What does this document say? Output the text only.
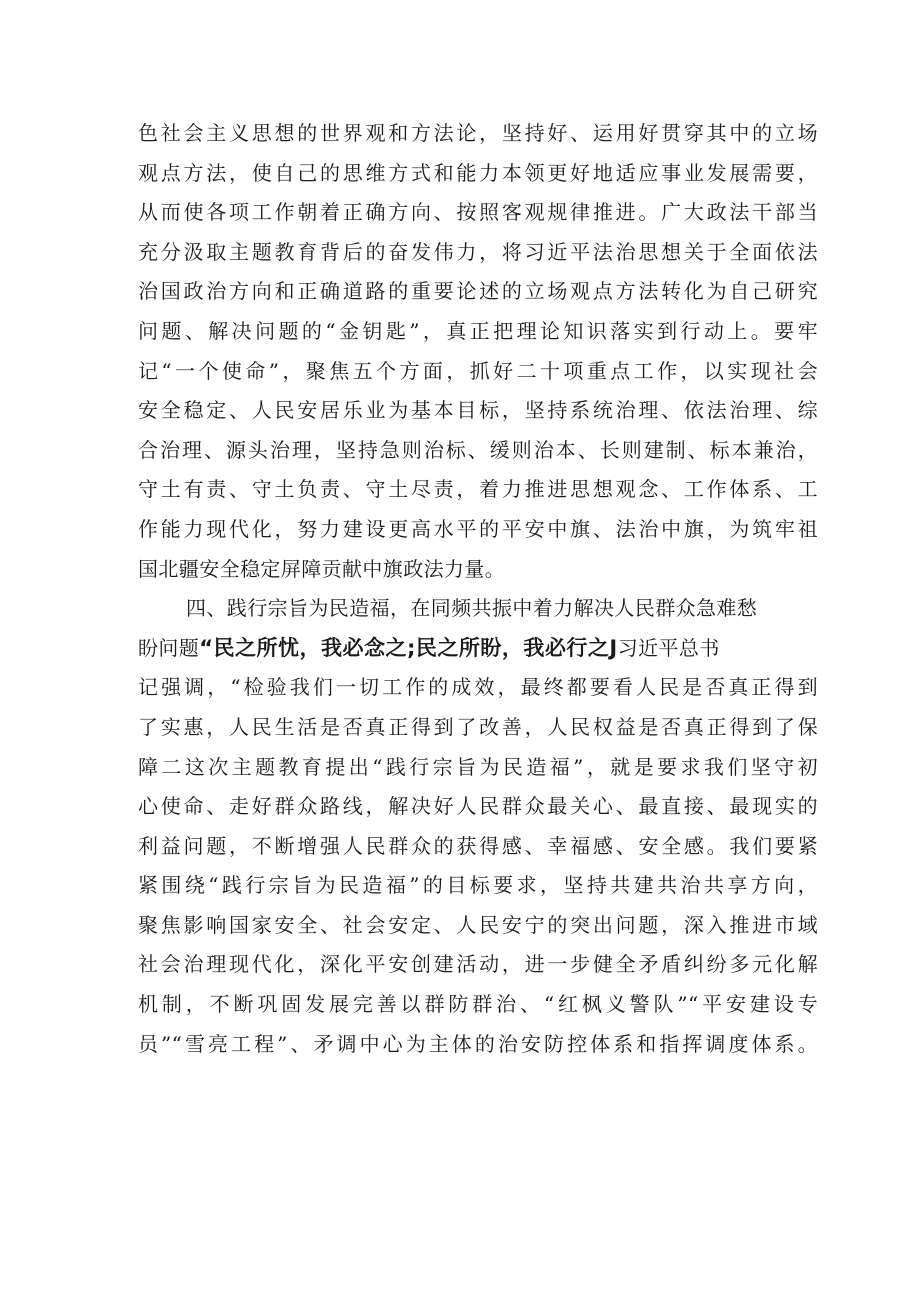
色社会主义思想的世界观和方法论，坚持好、运用好贯穿其中的立场
观点方法，使自己的思维方式和能力本领更好地适应事业发展需要，
从而使各项工作朝着正确方向、按照客观规律推进。广大政法干部当
充分汲取主题教育背后的奋发伟力，将习近平法治思想关于全面依法
治国政治方向和正确道路的重要论述的立场观点方法转化为自己研究
问题、解决问题的“金钥匙”，真正把理论知识落实到行动上。要牢
记“一个使命”，聚焦五个方面，抓好二十项重点工作，以实现社会
安全稳定、人民安居乐业为基本目标，坚持系统治理、依法治理、综
合治理、源头治理，坚持急则治标、缓则治本、长则建制、标本兼治，
守土有责、守土负责、守土尽责，着力推进思想观念、工作体系、工
作能力现代化，努力建设更高水平的平安中旗、法治中旗，为筑牢祖
国北疆安全稳定屏障贡献中旗政法力量。
四、践行宗旨为民造福，在同频共振中着力解决人民群众急难愁
盼问题“民之所忧，我必念之;民之所盼，我必行之J习近平总书
记强调，“检验我们一切工作的成效，最终都要看人民是否真正得到
了实惠，人民生活是否真正得到了改善，人民权益是否真正得到了保
障二这次主题教育提出“践行宗旨为民造福”，就是要求我们坚守初
心使命、走好群众路线，解决好人民群众最关心、最直接、最现实的
利益问题，不断增强人民群众的获得感、幸福感、安全感。我们要紧
紧围绕“践行宗旨为民造福”的目标要求，坚持共建共治共享方向，
聚焦影响国家安全、社会安定、人民安宁的突出问题，深入推进市域
社会治理现代化，深化平安创建活动，进一步健全矛盾纠纷多元化解
机制，不断巩固发展完善以群防群治、“红枫义警队”“平安建设专
员”“雪亮工程”、矛调中心为主体的治安防控体系和指挥调度体系。
